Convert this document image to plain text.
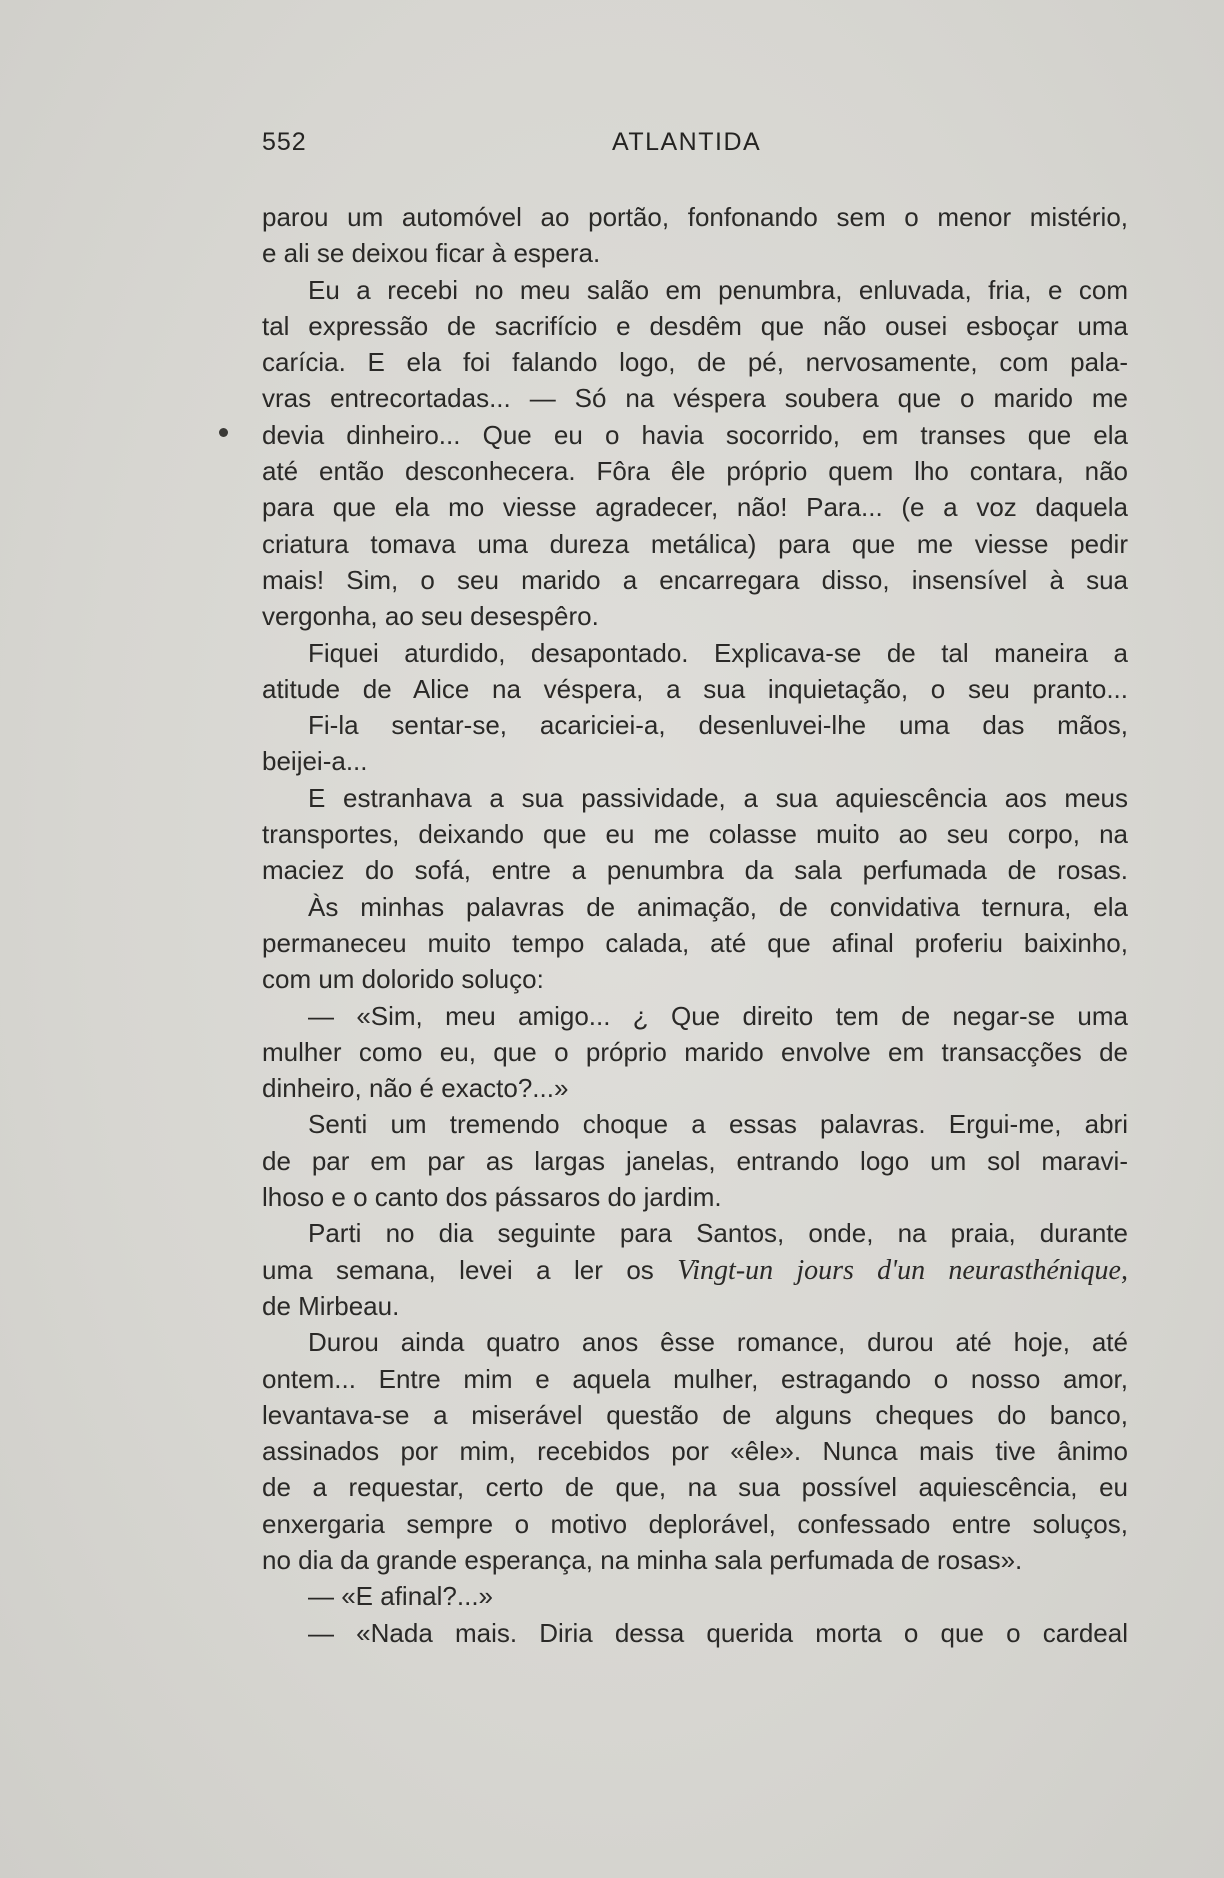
552	ATLANTIDA
parou um automóvel ao portão, fonfonando sem o menor mistério,
e ali se deixou ficar à espera.
Eu a recebi no meu salão em penumbra, enluvada, fria, e com
tal expressão de sacrifício e desdêm que não ousei esboçar uma
carícia. E ela foi falando logo, de pé, nervosamente, com pala-
vras entrecortadas... — Só na véspera soubera que o marido me
devia dinheiro... Que eu o havia socorrido, em transes que ela
até então desconhecera. Fôra êle próprio quem lho contara, não
para que ela mo viesse agradecer, não! Para... (e a voz daquela
criatura tomava uma dureza metálica) para que me viesse pedir
mais! Sim, o seu marido a encarregara disso, insensível à sua
vergonha, ao seu desespêro.
Fiquei aturdido, desapontado. Explicava-se de tal maneira a
atitude de Alice na véspera, a sua inquietação, o seu pranto...
Fi-la sentar-se, acariciei-a, desenluvei-lhe uma das mãos,
beijei-a...
E estranhava a sua passividade, a sua aquiescência aos meus
transportes, deixando que eu me colasse muito ao seu corpo, na
maciez do sofá, entre a penumbra da sala perfumada de rosas.
Às minhas palavras de animação, de convidativa ternura, ela
permaneceu muito tempo calada, até que afinal proferiu baixinho,
com um dolorido soluço:
— «Sim, meu amigo... ¿ Que direito tem de negar-se uma
mulher como eu, que o próprio marido envolve em transacções de
dinheiro, não é exacto?...»
Senti um tremendo choque a essas palavras. Ergui-me, abri
de par em par as largas janelas, entrando logo um sol maravi-
lhoso e o canto dos pássaros do jardim.
Parti no dia seguinte para Santos, onde, na praia, durante
uma semana, levei a ler os Vingt-un jours d'un neurasthénique,
de Mirbeau.
Durou ainda quatro anos êsse romance, durou até hoje, até
ontem... Entre mim e aquela mulher, estragando o nosso amor,
levantava-se a miserável questão de alguns cheques do banco,
assinados por mim, recebidos por «êle». Nunca mais tive ânimo
de a requestar, certo de que, na sua possível aquiescência, eu
enxergaria sempre o motivo deplorável, confessado entre soluços,
no dia da grande esperança, na minha sala perfumada de rosas».
— «E afinal?...»
— «Nada mais. Diria dessa querida morta o que o cardeal
